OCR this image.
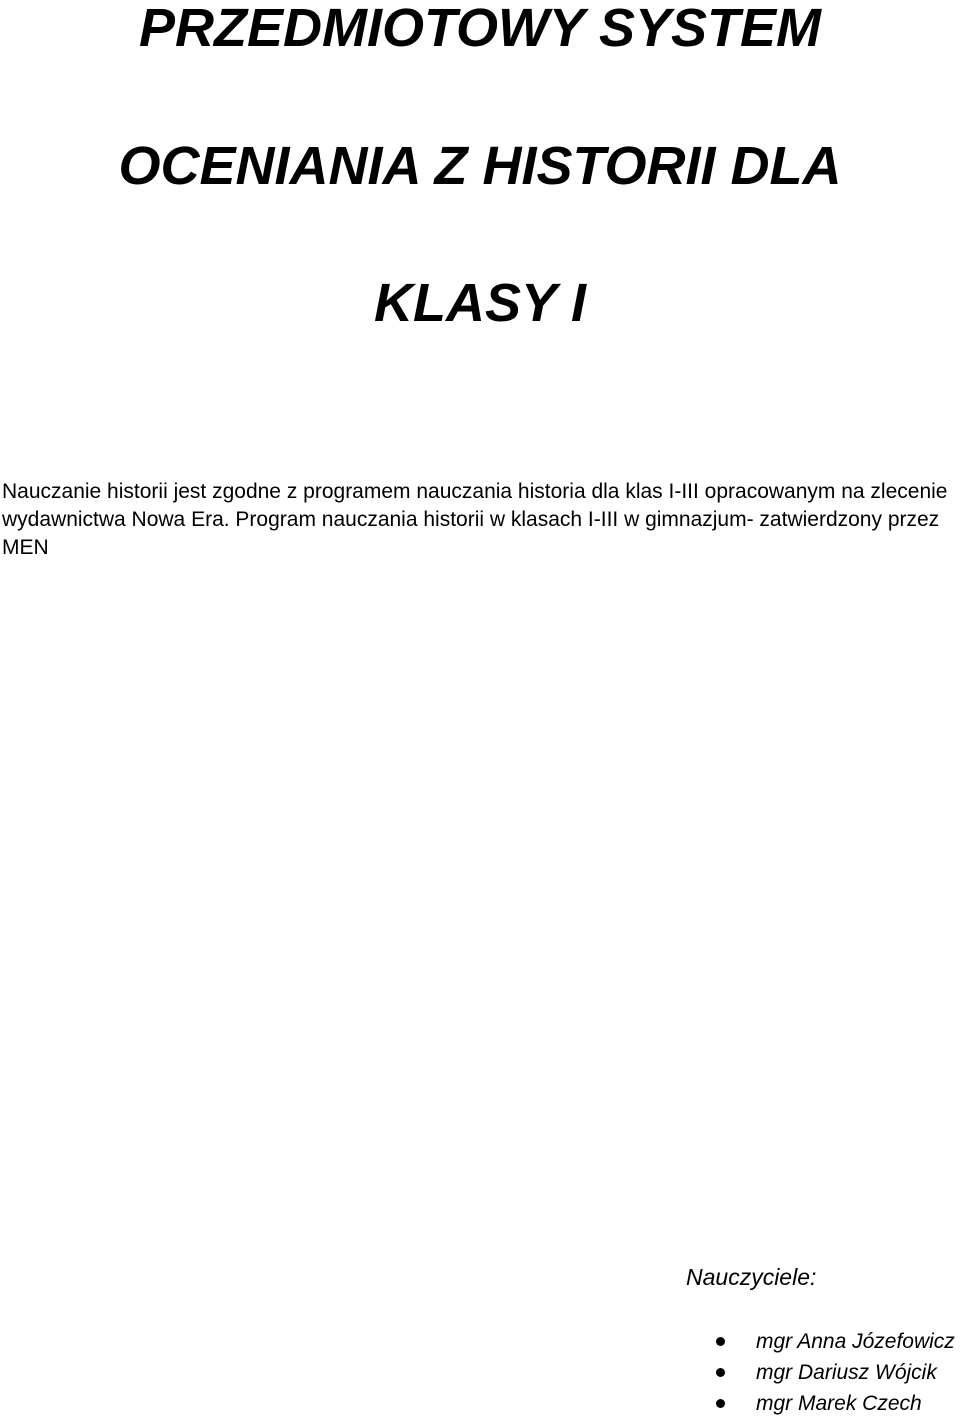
PRZEDMIOTOWY SYSTEM
OCENIANIA Z HISTORII DLA
KLASY I

Nauczanie historii jest zgodne z programem nauczania historia dla klas I-III opracowanym na zlecenie wydawnictwa Nowa Era. Program nauczania historii w klasach I-III w gimnazjum- zatwierdzony przez MEN

Nauczyciele:

mgr Anna Józefowicz
mgr Dariusz Wójcik
mgr Marek Czech
